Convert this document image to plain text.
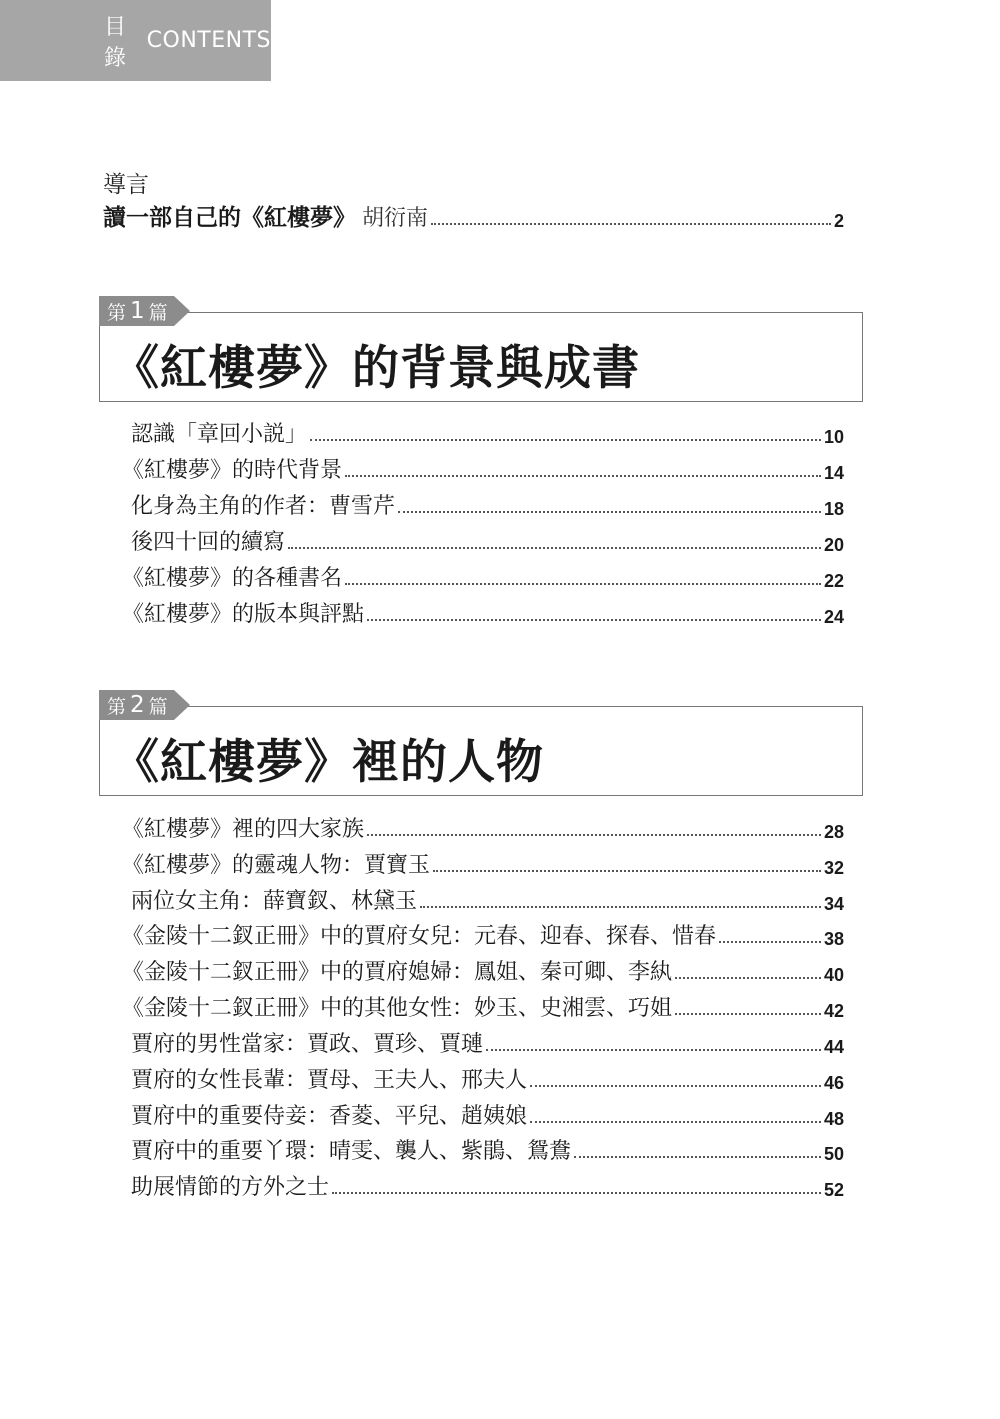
目錄
CONTENTS
導言
讀一部自己的《紅樓夢》 胡衍南	2
第 1 篇
《紅樓夢》的背景與成書
認識「章回小説」	10
《紅樓夢》的時代背景	14
化身為主角的作者：曹雪芹	18
後四十回的續寫	20
《紅樓夢》的各種書名	22
《紅樓夢》的版本與評點	24
第 2 篇
《紅樓夢》裡的人物
《紅樓夢》裡的四大家族	28
《紅樓夢》的靈魂人物：賈寶玉	32
兩位女主角：薛寶釵、林黛玉	34
《金陵十二釵正冊》中的賈府女兒：元春、迎春、探春、惜春	38
《金陵十二釵正冊》中的賈府媳婦：鳳姐、秦可卿、李紈	40
《金陵十二釵正冊》中的其他女性：妙玉、史湘雲、巧姐	42
賈府的男性當家：賈政、賈珍、賈璉	44
賈府的女性長輩：賈母、王夫人、邢夫人	46
賈府中的重要侍妾：香菱、平兒、趙姨娘	48
賈府中的重要丫環：晴雯、襲人、紫鵑、鴛鴦	50
助展情節的方外之士	52
